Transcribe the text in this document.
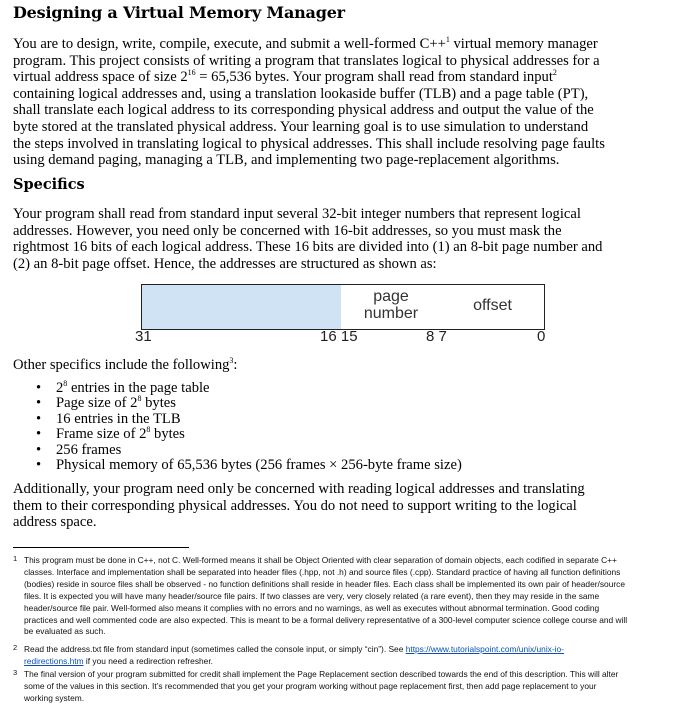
Designing a Virtual Memory Manager
You are to design, write, compile, execute, and submit a well-formed C++$^1$ virtual memory manager
program. This project consists of writing a program that translates logical to physical addresses for a
virtual address space of size $2^{16} = 65,536$ bytes. Your program shall read from standard input$^2$
containing logical addresses and, using a translation lookaside buffer (TLB) and a page table (PT),
shall translate each logical address to its corresponding physical address and output the value of the
byte stored at the translated physical address. Your learning goal is to use simulation to understand
the steps involved in translating logical to physical addresses. This shall include resolving page faults
using demand paging, managing a TLB, and implementing two page-replacement algorithms.
Specifics
Your program shall read from standard input several 32-bit integer numbers that represent logical
addresses. However, you need only be concerned with 16-bit addresses, so you must mask the
rightmost 16 bits of each logical address. These 16 bits are divided into (1) an 8-bit page number and
(2) an 8-bit page offset. Hence, the addresses are structured as shown as:
page
number	offset
31	16 15	8 7	0
Other specifics include the following$^3$:
• $2^8$ entries in the page table
• Page size of $2^8$ bytes
• 16 entries in the TLB
• Frame size of $2^8$ bytes
• 256 frames
• Physical memory of 65,536 bytes (256 frames × 256-byte frame size)
Additionally, your program need only be concerned with reading logical addresses and translating
them to their corresponding physical addresses. You do not need to support writing to the logical
address space.
1 This program must be done in C++, not C. Well-formed means it shall be Object Oriented with clear separation of domain objects, each codified in separate C++
classes. Interface and implementation shall be separated into header files (.hpp, not .h) and source files (.cpp). Standard practice of having all function definitions
(bodies) reside in source files shall be observed - no function definitions shall reside in header files. Each class shall be implemented its own pair of header/source
files. It is expected you will have many header/source file pairs. If two classes are very, very closely related (a rare event), then they may reside in the same
header/source file pair. Well-formed also means it complies with no errors and no warnings, as well as executes without abnormal termination. Good coding
practices and well commented code are also expected. This is meant to be a formal delivery representative of a 300-level computer science college course and will
be evaluated as such.
2 Read the address.txt file from standard input (sometimes called the console input, or simply “cin”). See https://www.tutorialspoint.com/unix/unix-io-
redirections.htm if you need a redirection refresher.
3 The final version of your program submitted for credit shall implement the Page Replacement section described towards the end of this description. This will alter
some of the values in this section. It’s recommended that you get your program working without page replacement first, then add page replacement to your
working system.
